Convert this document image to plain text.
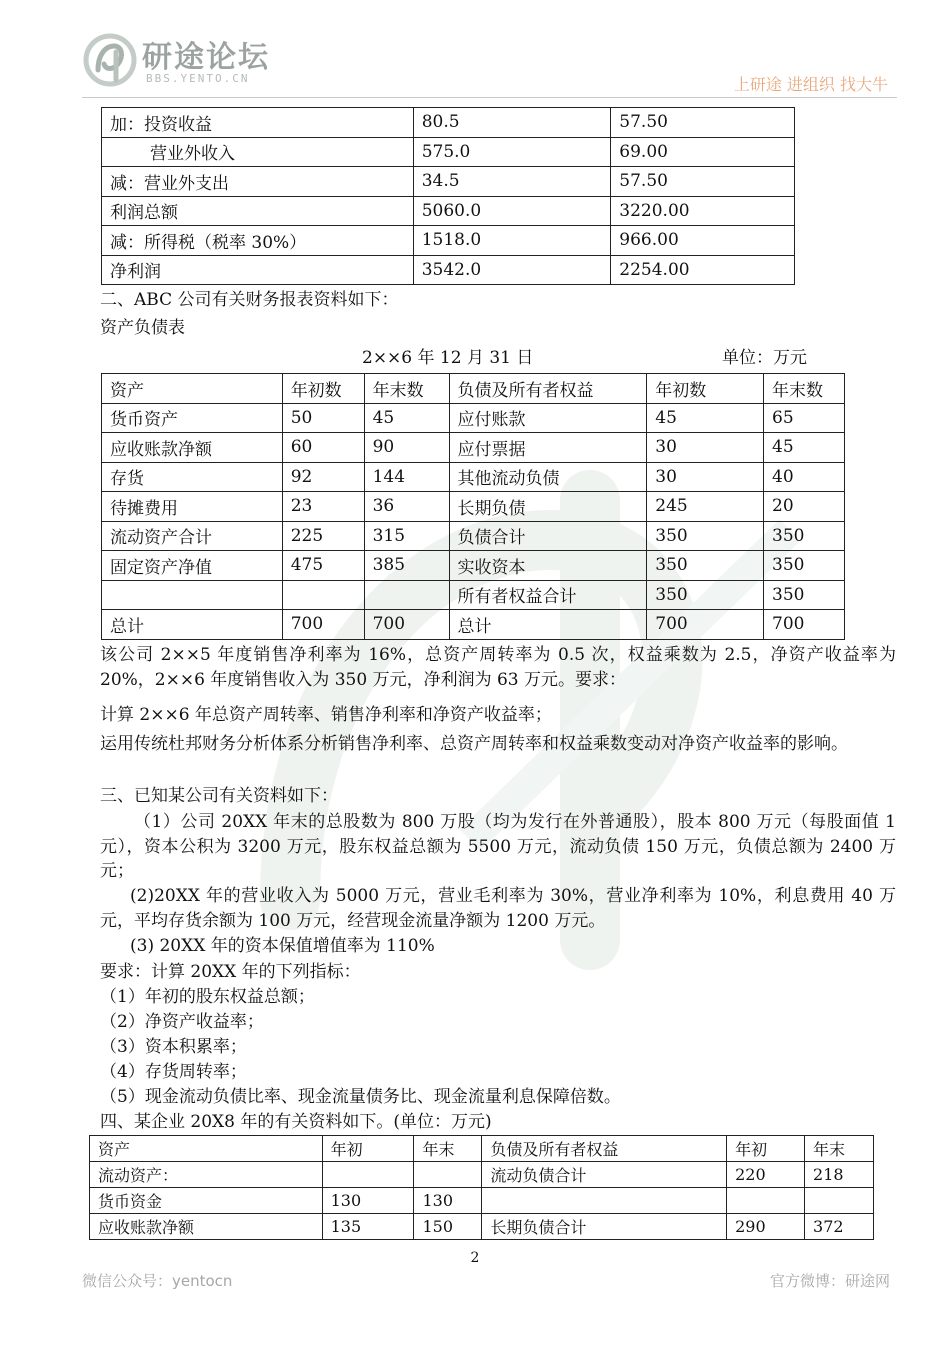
研途论坛
BBS.YENTO.CN	上研途 进组织 找大牛
加：投资收益	80.5	57.50
营业外收入	575.0	69.00
减：营业外支出	34.5	57.50
利润总额	5060.0	3220.00
减：所得税（税率 30%）	1518.0	966.00
净利润	3542.0	2254.00
二、ABC 公司有关财务报表资料如下：
资产负债表
2××6 年 12 月 31 日	单位：万元
资产	年初数	年末数	负债及所有者权益	年初数	年末数
货币资产	50	45	应付账款	45	65
应收账款净额	60	90	应付票据	30	45
存货	92	144	其他流动负债	30	40
待摊费用	23	36	长期负债	245	20
流动资产合计	225	315	负债合计	350	350
固定资产净值	475	385	实收资本	350	350
			所有者权益合计	350	350
总计	700	700	总计	700	700
该公司 2××5 年度销售净利率为 16%，总资产周转率为 0.5 次，权益乘数为 2.5，净资产收益率为 20%，2××6 年度销售收入为 350 万元，净利润为 63 万元。要求：
计算 2××6 年总资产周转率、销售净利率和净资产收益率；
运用传统杜邦财务分析体系分析销售净利率、总资产周转率和权益乘数变动对净资产收益率的影响。
三、已知某公司有关资料如下：
（1）公司 20XX 年末的总股数为 800 万股（均为发行在外普通股），股本 800 万元（每股面值 1 元），资本公积为 3200 万元，股东权益总额为 5500 万元，流动负债 150 万元，负债总额为 2400 万元；
(2)20XX 年的营业收入为 5000 万元，营业毛利率为 30%，营业净利率为 10%，利息费用 40 万元，平均存货余额为 100 万元，经营现金流量净额为 1200 万元。
(3) 20XX 年的资本保值增值率为 110%
要求：计算 20XX 年的下列指标：
（1）年初的股东权益总额；
（2）净资产收益率；
（3）资本积累率；
（4）存货周转率；
（5）现金流动负债比率、现金流量债务比、现金流量利息保障倍数。
四、某企业 20X8 年的有关资料如下。(单位：万元)
资产	年初	年末	负债及所有者权益	年初	年末
流动资产：			流动负债合计	220	218
货币资金	130	130			
应收账款净额	135	150	长期负债合计	290	372
2
微信公众号：yentocn	官方微博：研途网
